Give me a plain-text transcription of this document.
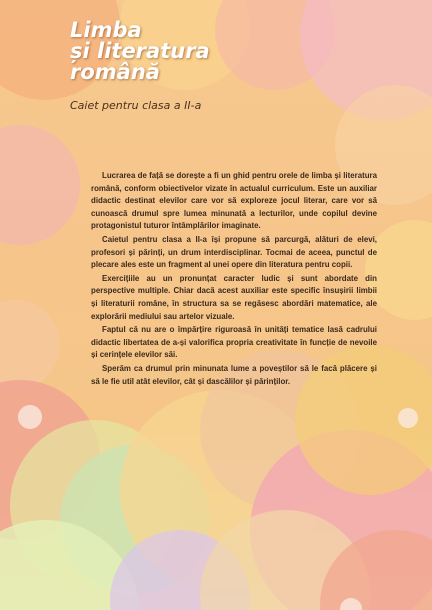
Limba
și literatura
română

Caiet pentru clasa a II-a

Lucrarea de față se dorește a fi un ghid pentru orele de limba și literatura română, conform obiectivelor vizate în actualul curriculum. Este un auxiliar didactic destinat elevilor care vor să exploreze jocul literar, care vor să cunoască drumul spre lumea minunată a lecturilor, unde copilul devine protagonistul tuturor întâmplărilor imaginate.

Caietul pentru clasa a II-a își propune să parcurgă, alături de elevi, profesori și părinți, un drum interdisciplinar. Tocmai de aceea, punctul de plecare ales este un fragment al unei opere din literatura pentru copii.

Exercițiile au un pronunțat caracter ludic și sunt abordate din perspective multiple. Chiar dacă acest auxiliar este specific însușirii limbii și literaturii române, în structura sa se regăsesc abordări matematice, ale explorării mediului sau artelor vizuale.

Faptul că nu are o împărțire riguroasă în unități tematice lasă cadrului didactic libertatea de a-și valorifica propria creativitate în funcție de nevoile și cerințele elevilor săi.

Sperăm ca drumul prin minunata lume a poveștilor să le facă plăcere și să le fie util atât elevilor, cât și dascălilor și părinților.
